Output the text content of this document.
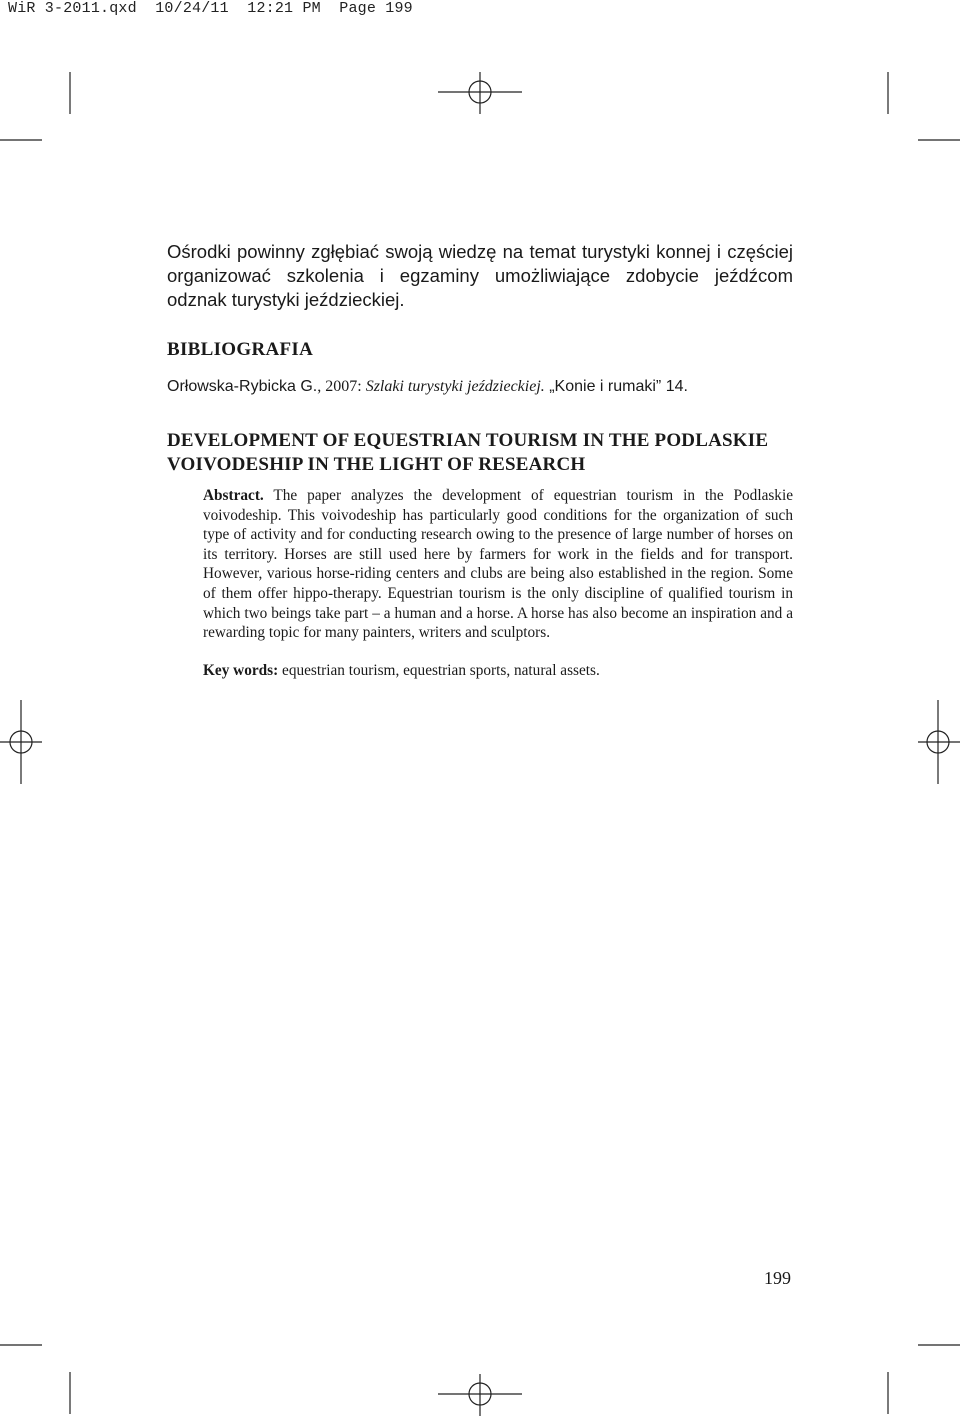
WiR 3-2011.qxd  10/24/11  12:21 PM  Page 199

Ośrodki powinny zgłębiać swoją wiedzę na temat turystyki konnej i częściej organizować szkolenia i egzaminy umożliwiające zdobycie jeźdźcom odznak turystyki jeździeckiej.

BIBLIOGRAFIA

Orłowska-Rybicka G., 2007: Szlaki turystyki jeździeckiej. „Konie i rumaki” 14.

DEVELOPMENT OF EQUESTRIAN TOURISM IN THE PODLASKIE VOIVODESHIP IN THE LIGHT OF RESEARCH

Abstract. The paper analyzes the development of equestrian tourism in the Podlaskie voivodeship. This voivodeship has particularly good conditions for the organization of such type of activity and for conducting research owing to the presence of large number of horses on its territory. Horses are still used here by farmers for work in the fields and for transport. However, various horse-riding centers and clubs are being also established in the region. Some of them offer hippo-therapy. Equestrian tourism is the only discipline of qualified tourism in which two beings take part – a human and a horse. A horse has also become an inspiration and a rewarding topic for many painters, writers and sculptors.

Key words: equestrian tourism, equestrian sports, natural assets.

199
